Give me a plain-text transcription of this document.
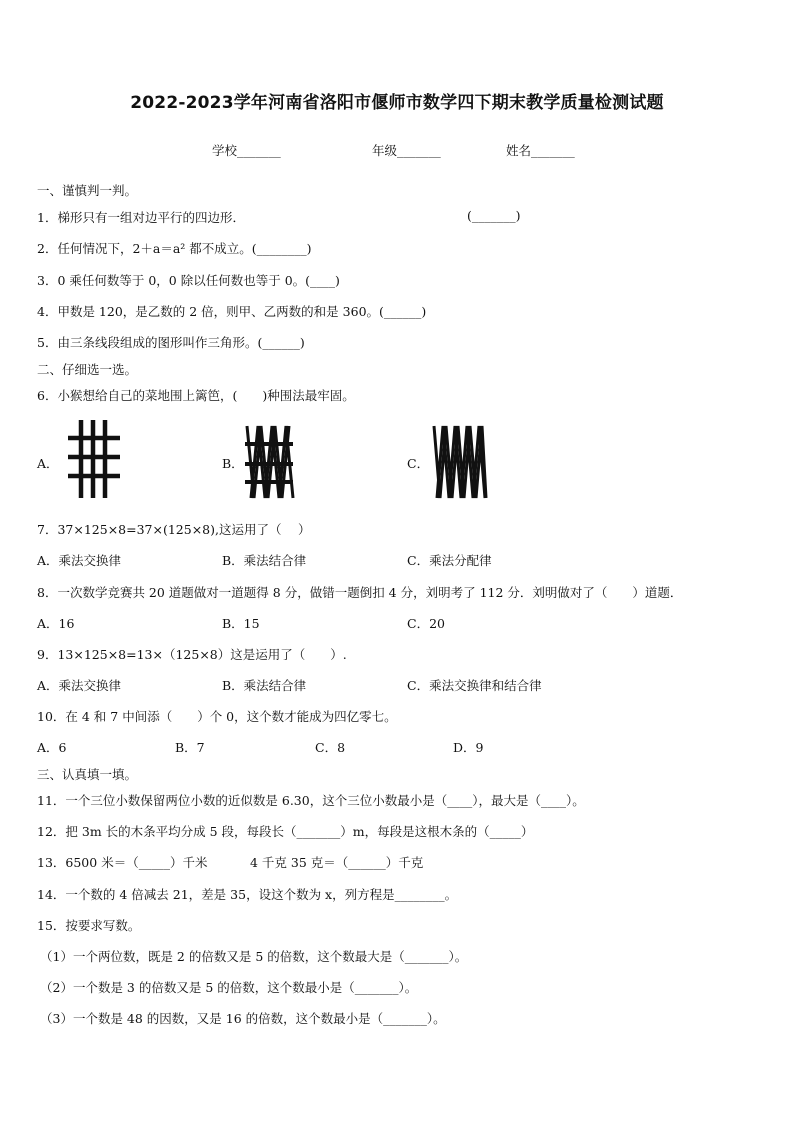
2022-2023学年河南省洛阳市偃师市数学四下期末教学质量检测试题
学校_______	年级_______	姓名_______
一、谨慎判一判。
1．梯形只有一组对边平行的四边形．	(_______)
2．任何情况下，2＋a＝a² 都不成立。(________)
3．0 乘任何数等于 0，0 除以任何数也等于 0。(____)
4．甲数是 120，是乙数的 2 倍，则甲、乙两数的和是 360。(______)
5．由三条线段组成的图形叫作三角形。(______)
二、仔细选一选。
6．小猴想给自己的菜地围上篱笆，(　　)种围法最牢固。
A．	B．	C．
7．37×125×8=37×(125×8),这运用了（　 ）
A．乘法交换律	B．乘法结合律	C．乘法分配律
8．一次数学竞赛共 20 道题做对一道题得 8 分，做错一题倒扣 4 分，刘明考了 112 分．刘明做对了（　　）道题．
A．16	B．15	C．20
9．13×125×8=13×（125×8）这是运用了（　　）.
A．乘法交换律	B．乘法结合律	C．乘法交换律和结合律
10．在 4 和 7 中间添（　　）个 0，这个数才能成为四亿零七。
A．6	B．7	C．8	D．9
三、认真填一填。
11．一个三位小数保留两位小数的近似数是 6.30，这个三位小数最小是（____），最大是（____）。
12．把 3m 长的木条平均分成 5 段，每段长（_______）m，每段是这根木条的（_____）
13．6500 米＝（_____）千米	4 千克 35 克＝（______）千克
14．一个数的 4 倍减去 21，差是 35，设这个数为 x，列方程是________。
15．按要求写数。
（1）一个两位数，既是 2 的倍数又是 5 的倍数，这个数最大是（_______）。
（2）一个数是 3 的倍数又是 5 的倍数，这个数最小是（_______）。
（3）一个数是 48 的因数，又是 16 的倍数，这个数最小是（_______）。
